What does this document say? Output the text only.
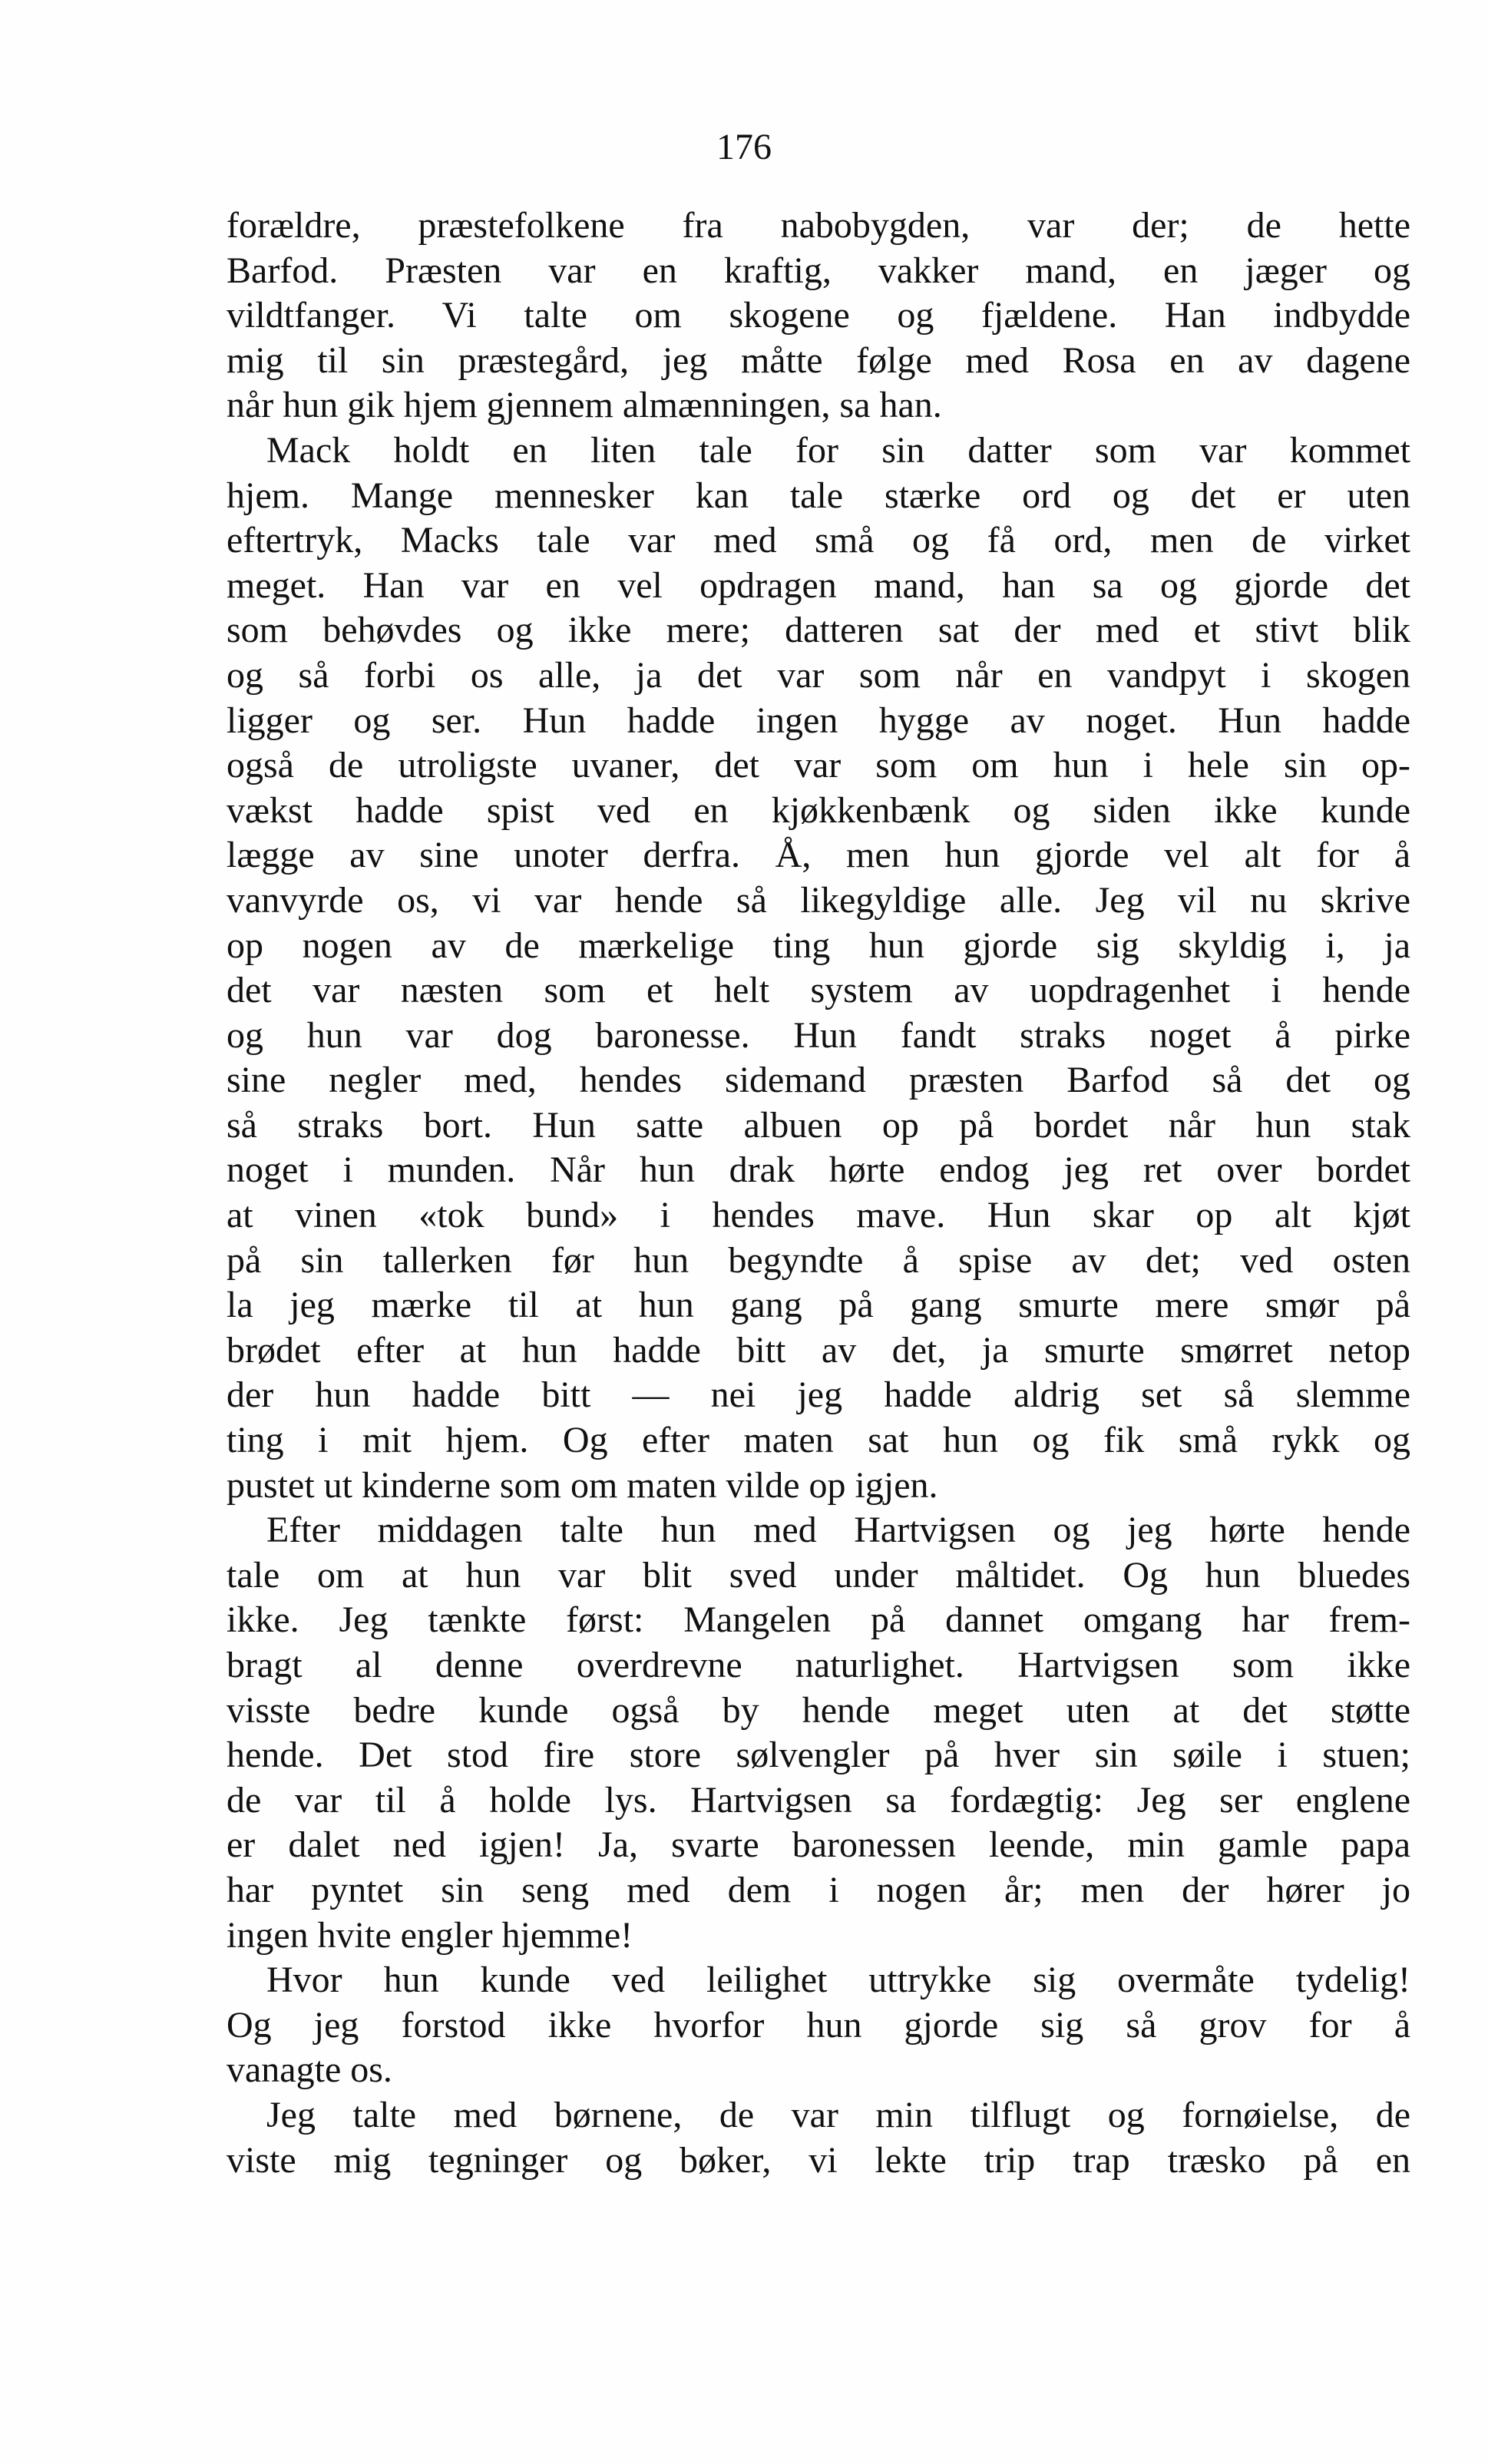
176
forældre, præstefolkene fra nabobygden, var der; de hette
Barfod. Præsten var en kraftig, vakker mand, en jæger og
vildtfanger. Vi talte om skogene og fjældene. Han indbydde
mig til sin præstegård, jeg måtte følge med Rosa en av dagene
når hun gik hjem gjennem almænningen, sa han.
Mack holdt en liten tale for sin datter som var kommet
hjem. Mange mennesker kan tale stærke ord og det er uten
eftertryk, Macks tale var med små og få ord, men de virket
meget. Han var en vel opdragen mand, han sa og gjorde det
som behøvdes og ikke mere; datteren sat der med et stivt blik
og så forbi os alle, ja det var som når en vandpyt i skogen
ligger og ser. Hun hadde ingen hygge av noget. Hun hadde
også de utroligste uvaner, det var som om hun i hele sin op-
vækst hadde spist ved en kjøkkenbænk og siden ikke kunde
lægge av sine unoter derfra. Å, men hun gjorde vel alt for å
vanvyrde os, vi var hende så likegyldige alle. Jeg vil nu skrive
op nogen av de mærkelige ting hun gjorde sig skyldig i, ja
det var næsten som et helt system av uopdragenhet i hende
og hun var dog baronesse. Hun fandt straks noget å pirke
sine negler med, hendes sidemand præsten Barfod så det og
så straks bort. Hun satte albuen op på bordet når hun stak
noget i munden. Når hun drak hørte endog jeg ret over bordet
at vinen «tok bund» i hendes mave. Hun skar op alt kjøt
på sin tallerken før hun begyndte å spise av det; ved osten
la jeg mærke til at hun gang på gang smurte mere smør på
brødet efter at hun hadde bitt av det, ja smurte smørret netop
der hun hadde bitt — nei jeg hadde aldrig set så slemme
ting i mit hjem. Og efter maten sat hun og fik små rykk og
pustet ut kinderne som om maten vilde op igjen.
Efter middagen talte hun med Hartvigsen og jeg hørte hende
tale om at hun var blit sved under måltidet. Og hun bluedes
ikke. Jeg tænkte først: Mangelen på dannet omgang har frem-
bragt al denne overdrevne naturlighet. Hartvigsen som ikke
visste bedre kunde også by hende meget uten at det støtte
hende. Det stod fire store sølvengler på hver sin søile i stuen;
de var til å holde lys. Hartvigsen sa fordægtig: Jeg ser englene
er dalet ned igjen! Ja, svarte baronessen leende, min gamle papa
har pyntet sin seng med dem i nogen år; men der hører jo
ingen hvite engler hjemme!
Hvor hun kunde ved leilighet uttrykke sig overmåte tydelig!
Og jeg forstod ikke hvorfor hun gjorde sig så grov for å
vanagte os.
Jeg talte med børnene, de var min tilflugt og fornøielse, de
viste mig tegninger og bøker, vi lekte trip trap træsko på en
